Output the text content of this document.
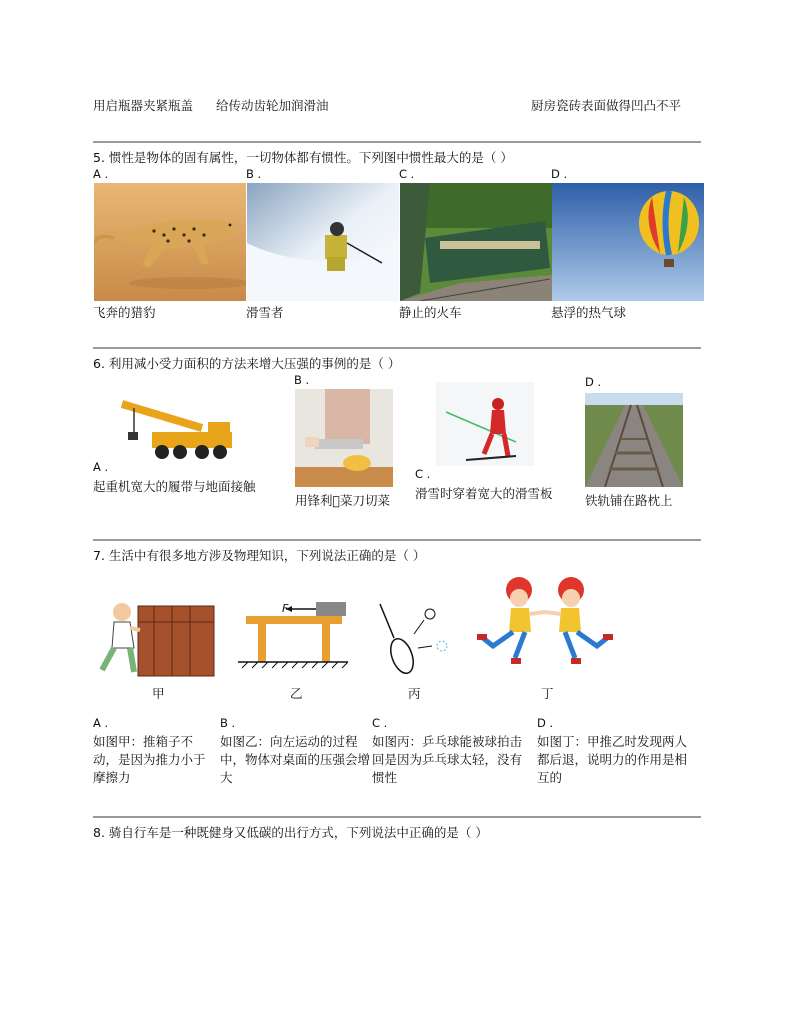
用启瓶器夹紧瓶盖 给传动齿轮加润滑油	厨房瓷砖表面做得凹凸不平
5. 惯性是物体的固有属性，一切物体都有惯性。下列图中惯性最大的是（ ）
A .	B .	C .	D .
飞奔的猎豹	滑雪者	静止的火车	悬浮的热气球
6. 利用减小受力面积的方法来增大压强的事例的是（ ）
A .
起重机宽大的履带与地面接触
B .
用锋利 菜刀切菜
C .
滑雪时穿着宽大的滑雪板
D .
铁轨铺在路枕上
7. 生活中有很多地方涉及物理知识，下列说法正确的是（ ）
甲
F
乙	丙	丁
A .	B .	C .	D .
如图甲：推箱子不动，是因为推力小于摩擦力
如图乙：向左运动的过程中，物体对桌面的压强会增大
如图丙：乒乓球能被球拍击回是因为乒乓球太轻，没有惯性
如图丁：甲推乙时发现两人都后退，说明力的作用是相互的
8. 骑自行车是一种既健身又低碳的出行方式，下列说法中正确的是（ ）
